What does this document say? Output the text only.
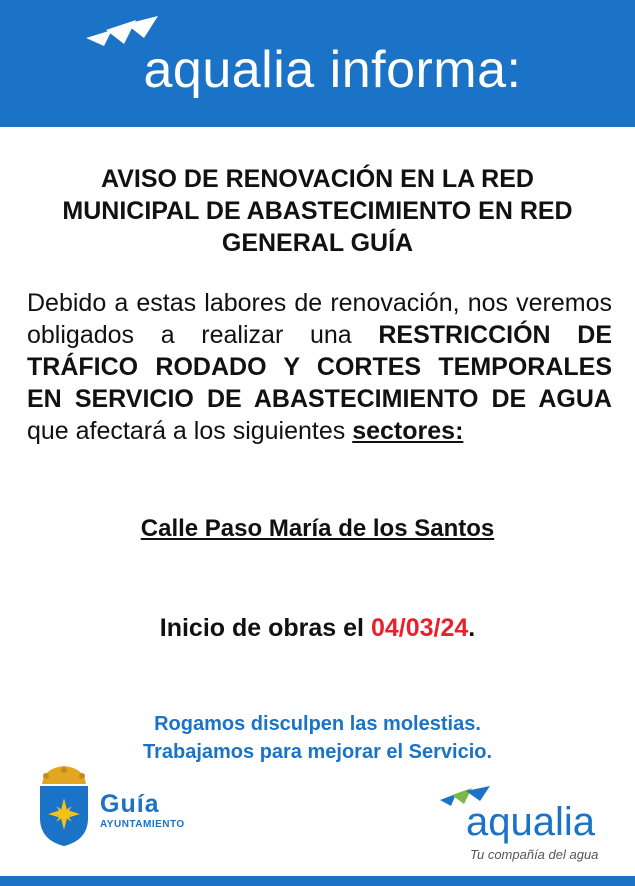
aqualia informa:
AVISO DE RENOVACIÓN EN LA RED MUNICIPAL DE ABASTECIMIENTO EN RED GENERAL GUÍA
Debido a estas labores de renovación, nos veremos obligados a realizar una RESTRICCIÓN DE TRÁFICO RODADO Y CORTES TEMPORALES EN SERVICIO DE ABASTECIMIENTO DE AGUA que afectará a los siguientes sectores:
Calle Paso María de los Santos
Inicio de obras el 04/03/24.
Rogamos disculpen las molestias.
Trabajamos para mejorar el Servicio.
Guía
AYUNTAMIENTO	aqualia
Tu compañía del agua
